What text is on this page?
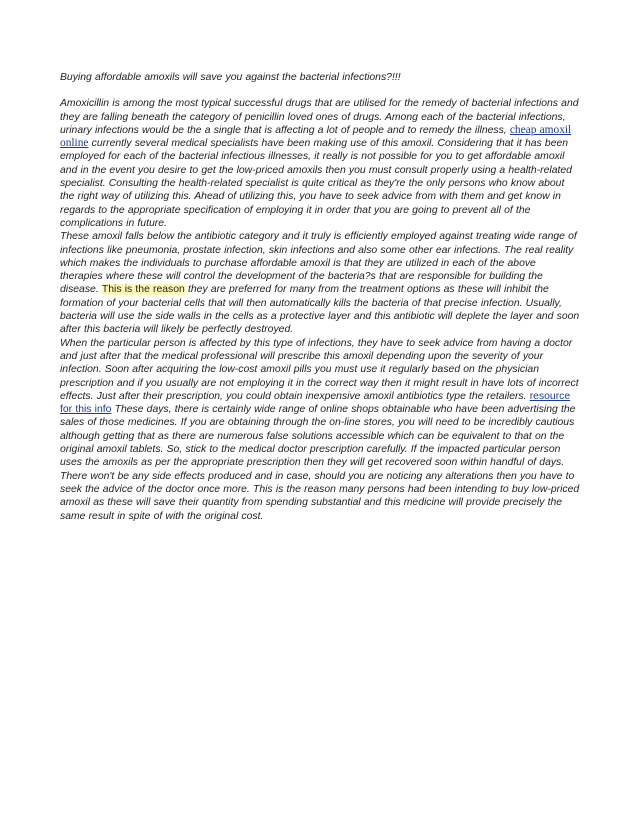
Buying affordable amoxils will save you against the bacterial infections?!!!

Amoxicillin is among the most typical successful drugs that are utilised for the remedy of bacterial infections and they are falling beneath the category of penicillin loved ones of drugs. Among each of the bacterial infections, urinary infections would be the a single that is affecting a lot of people and to remedy the illness, cheap amoxil online currently several medical specialists have been making use of this amoxil. Considering that it has been employed for each of the bacterial infectious illnesses, it really is not possible for you to get affordable amoxil and in the event you desire to get the low-priced amoxils then you must consult properly using a health-related specialist. Consulting the health-related specialist is quite critical as they're the only persons who know about the right way of utilizing this. Ahead of utilizing this, you have to seek advice from with them and get know in regards to the appropriate specification of employing it in order that you are going to prevent all of the complications in future.

These amoxil falls below the antibiotic category and it truly is efficiently employed against treating wide range of infections like pneumonia, prostate infection, skin infections and also some other ear infections. The real reality which makes the individuals to purchase affordable amoxil is that they are utilized in each of the above therapies where these will control the development of the bacteria?s that are responsible for building the disease. This is the reason they are preferred for many from the treatment options as these will inhibit the formation of your bacterial cells that will then automatically kills the bacteria of that precise infection. Usually, bacteria will use the side walls in the cells as a protective layer and this antibiotic will deplete the layer and soon after this bacteria will likely be perfectly destroyed.

When the particular person is affected by this type of infections, they have to seek advice from having a doctor and just after that the medical professional will prescribe this amoxil depending upon the severity of your infection. Soon after acquiring the low-cost amoxil pills you must use it regularly based on the physician prescription and if you usually are not employing it in the correct way then it might result in have lots of incorrect effects. Just after their prescription, you could obtain inexpensive amoxil antibiotics type the retailers. resource for this info These days, there is certainly wide range of online shops obtainable who have been advertising the sales of those medicines. If you are obtaining through the on-line stores, you will need to be incredibly cautious although getting that as there are numerous false solutions accessible which can be equivalent to that on the original amoxil tablets. So, stick to the medical doctor prescription carefully. If the impacted particular person uses the amoxils as per the appropriate prescription then they will get recovered soon within handful of days. There won't be any side effects produced and in case, should you are noticing any alterations then you have to seek the advice of the doctor once more. This is the reason many persons had been intending to buy low-priced amoxil as these will save their quantity from spending substantial and this medicine will provide precisely the same result in spite of with the original cost.
